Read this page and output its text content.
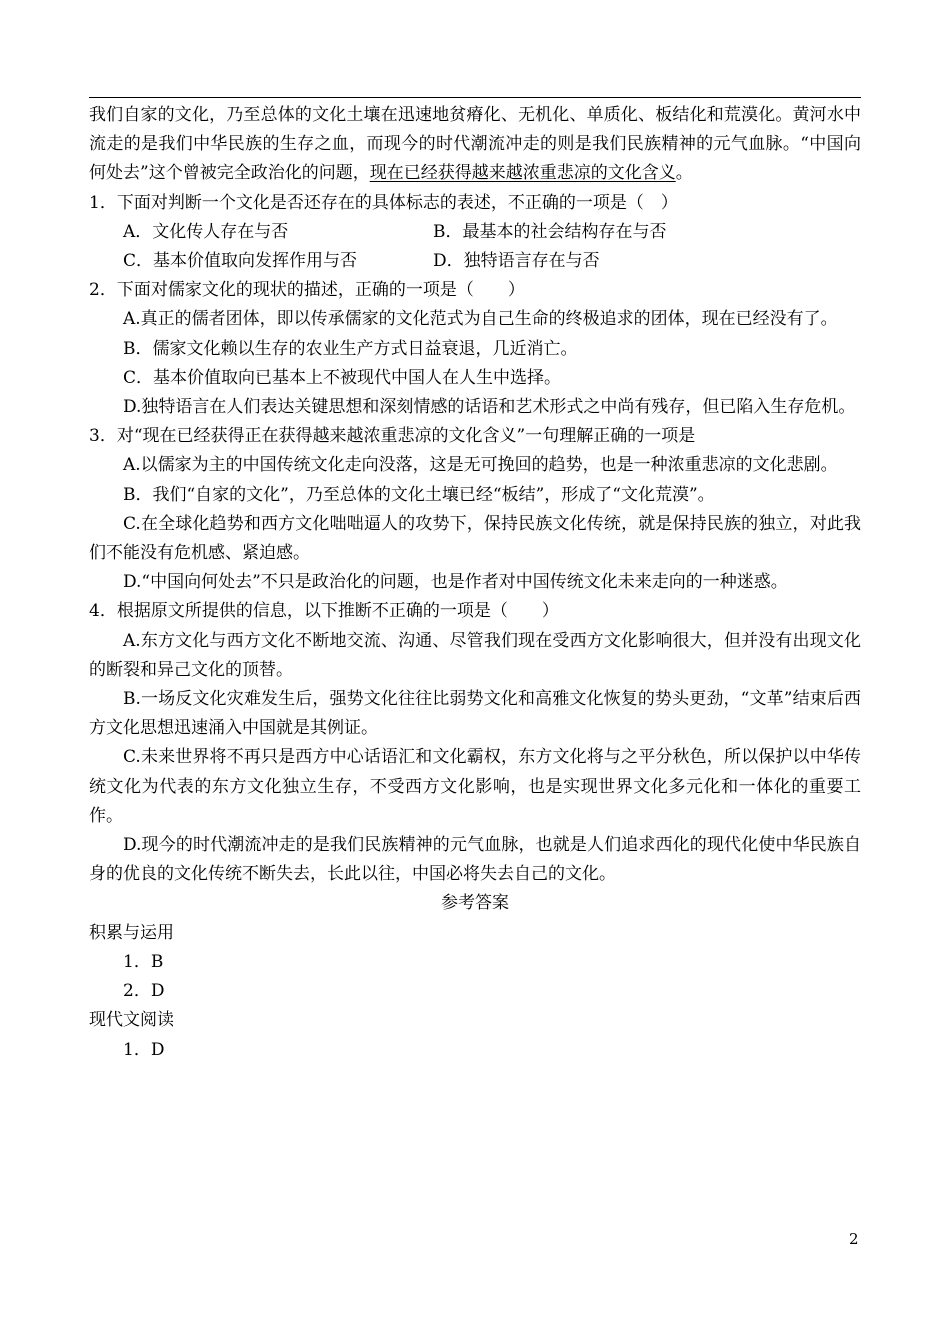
我们自家的文化，乃至总体的文化土壤在迅速地贫瘠化、无机化、单质化、板结化和荒漠化。黄河水中流走的是我们中华民族的生存之血，而现今的时代潮流冲走的则是我们民族精神的元气血脉。“中国向何处去”这个曾被完全政治化的问题，现在已经获得越来越浓重悲凉的文化含义。

1．下面对判断一个文化是否还存在的具体标志的表述，不正确的一项是（　）

A．文化传人存在与否	B．最基本的社会结构存在与否
C．基本价值取向发挥作用与否	D．独特语言存在与否

2．下面对儒家文化的现状的描述，正确的一项是（　　）

A.真正的儒者团体，即以传承儒家的文化范式为自己生命的终极追求的团体，现在已经没有了。

B．儒家文化赖以生存的农业生产方式日益衰退，几近消亡。

C．基本价值取向已基本上不被现代中国人在人生中选择。

D.独特语言在人们表达关键思想和深刻情感的话语和艺术形式之中尚有残存，但已陷入生存危机。

3．对“现在已经获得正在获得越来越浓重悲凉的文化含义”一句理解正确的一项是

A.以儒家为主的中国传统文化走向没落，这是无可挽回的趋势，也是一种浓重悲凉的文化悲剧。

B．我们“自家的文化”，乃至总体的文化土壤已经“板结”，形成了“文化荒漠”。

C.在全球化趋势和西方文化咄咄逼人的攻势下，保持民族文化传统，就是保持民族的独立，对此我们不能没有危机感、紧迫感。

D.“中国向何处去”不只是政治化的问题，也是作者对中国传统文化未来走向的一种迷惑。

4．根据原文所提供的信息，以下推断不正确的一项是（　　）

A.东方文化与西方文化不断地交流、沟通、尽管我们现在受西方文化影响很大，但并没有出现文化的断裂和异己文化的顶替。

B.一场反文化灾难发生后，强势文化往往比弱势文化和高雅文化恢复的势头更劲，“文革”结束后西方文化思想迅速涌入中国就是其例证。

C.未来世界将不再只是西方中心话语汇和文化霸权，东方文化将与之平分秋色，所以保护以中华传统文化为代表的东方文化独立生存，不受西方文化影响，也是实现世界文化多元化和一体化的重要工作。

D.现今的时代潮流冲走的是我们民族精神的元气血脉，也就是人们追求西化的现代化使中华民族自身的优良的文化传统不断失去，长此以往，中国必将失去自己的文化。

参考答案

积累与运用

1．B

2．D

现代文阅读

1．D

2
